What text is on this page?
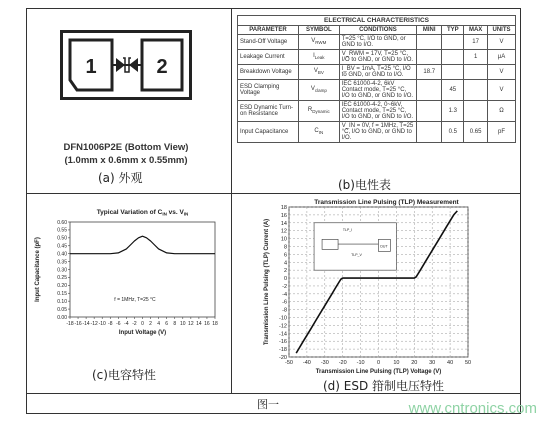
1	2
DFN1006P2E (Bottom View)
(1.0mm x 0.6mm x 0.55mm)
(a) 外观
ELECTRICAL CHARACTERISTICS						
PARAMETER	SYMBOL	CONDITIONS	MINI	TYP	MAX	UNITS
Stand-Off Voltage	$V_{RWM}$	T=25 °C, I/O to GND, or GND to I/O.			17	V
Leakage Current	$I_{Leak}$	V_RWM = 17V, T=25 °C, I/O to GND, or GND to I/O.			1	μA
Breakdown Voltage	$V_{BV}$	I_BV = 1mA, T=25 °C, I/O to GND, or GND to I/O.	18.7			V
ESD Clamping Voltage	$V_{clamp}$	IEC 61000-4-2, 6kV Contact mode, T=25 °C, I/O to GND, or GND to I/O.		45		V
ESD Dynamic Turn-on Resistance	$R_{Dynamic}$	IEC 61000-4-2, 0~6kV, Contact mode, T=25 °C, I/O to GND, or GND to I/O.		1.3		Ω
Input Capacitance	$C_{IN}$	V_IN = 0V, f = 1MHz, T=25 °C, I/O to GND, or GND to I/O.		0.5	0.65	pF
(b)电性表
Typical Variation of $C_{IN}$ vs. $V_{IN}$
0.00
0.05
0.10
0.15
0.20
0.25
0.30
0.35
0.40
0.45
0.50
0.55
0.60
-18 -16 -14 -12 -10 -8 -6 -4 -2 0 2 4 6 8 10 12 14 16 18
Input Voltage (V)
Input Capacitance (pF)	f = 1MHz, T=25 °C
(c)电容特性
Transmission Line Pulsing (TLP) Measurement
-50 -40 -30 -20 -10 0 10 20 30 40 50
-20
-18
-16
-14
-12
-10
-8
-6
-4
-2
0
2
4
6
8
10
12
14
16
18
Transmission Line Pulsing (TLP) Voltage (V)
Transmission Line Pulsing (TLP) Current (A)	TLP_I
TLP_V
DUT
(d) ESD 箝制电压特性
图一	www.cntronics.com
